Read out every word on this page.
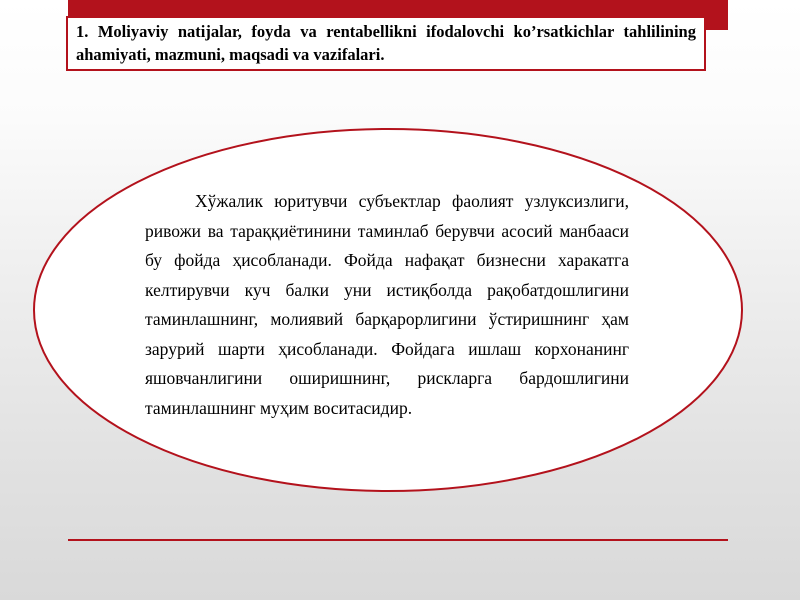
1. Moliyaviy natijalar, foyda va rentabellikni ifodalovchi ko’rsatkichlar tahlilining ahamiyati, mazmuni, maqsadi va vazifalari.

Хўжалик юритувчи субъектлар фаолият узлуксизлиги, ривожи ва тараққиётинини таминлаб берувчи асосий манбааси бу фойда ҳисобланади. Фойда нафақат бизнесни харакатга келтирувчи куч балки уни истиқболда рақобатдошлигини таминлашнинг, молиявий барқарорлигини ўстиришнинг ҳам зарурий шарти ҳисобланади. Фойдага ишлаш корхонанинг яшовчанлигини оширишнинг, рискларга бардошлигини таминлашнинг муҳим воситасидир.
